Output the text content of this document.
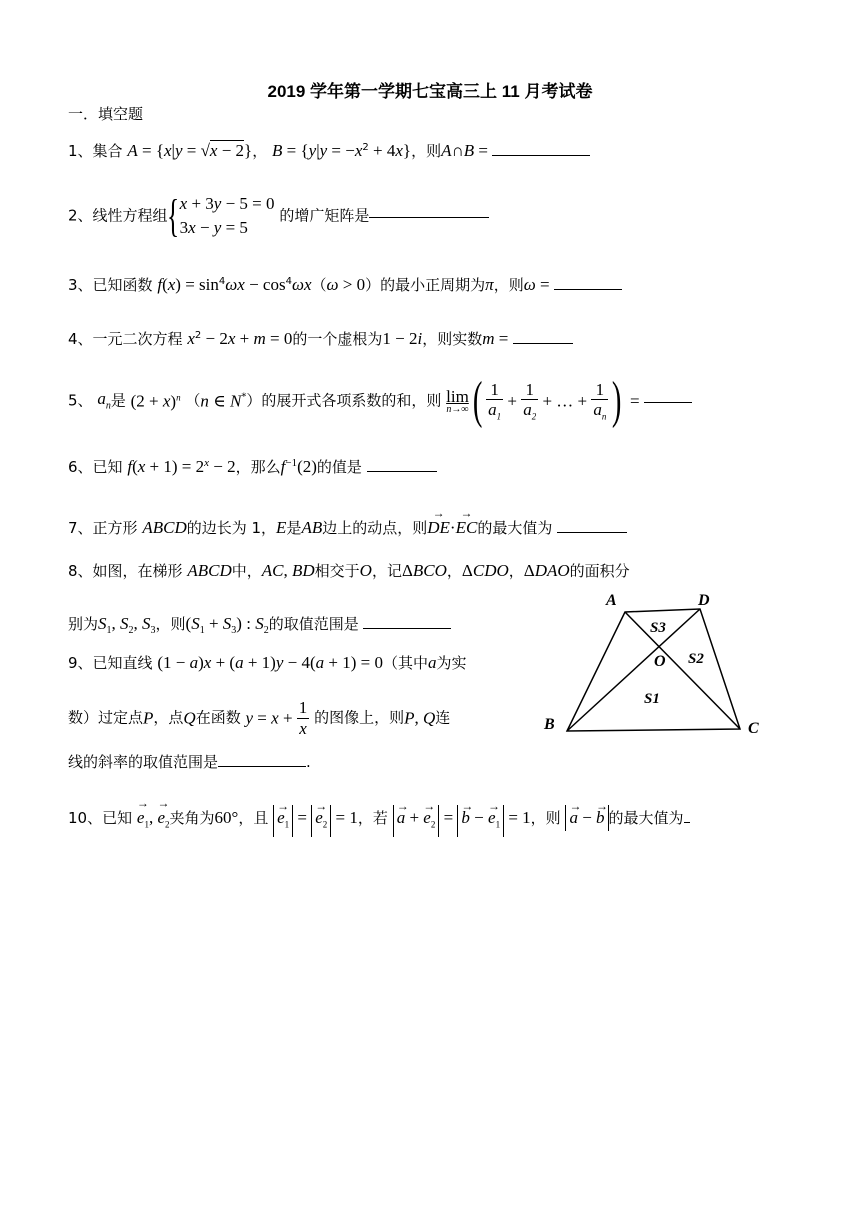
2019 学年第一学期七宝高三上 11 月考试卷
一．填空题
1、集合 A = {x|y = √x − 2}， $B = \{y|y = -x^2 + 4x\}$，则A∩B =
2、线性方程组{x + 3y − 5 = 0
3x − y = 5 的增广矩阵是
3、已知函数 $f(x) = \sin^4\omega x - \cos^4\omega x(\omega > 0)$的最小正周期为π，则ω =
4、一元二次方程 $x^2 - 2x + m = 0$的一个虚根为1 − 2i，则实数m =
5、 $a_n$是 $(2 + x)^n$ （n ∈ N*）的展开式各项系数的和，则 lim
n→∞ ( $\frac{1}{a_1} + \frac{1}{a_2}$ + … + $\frac{1}{a_n}$ ) =
6、已知 $f(x + 1) = 2^x - 2$，那么$f^{-1}(2)$的值是
7、正方形 ABCD的边长为 1，E是AB边上的动点，则→ DE·→ EC的最大值为
8、如图，在梯形 ABCD中，AC, BD相交于O，记ΔBCO，ΔCDO，ΔDAO的面积分
别为$S_1$, $S_2$, $S_3$，则$(S_1 + S_3)$ : $S_2$的取值范围是
9、已知直线 (1 − a)x + (a + 1)y − 4(a + 1) = 0（其中a为实
数）过定点P，点Q在函数 $y = x + \frac{1}{x}$ 的图像上，则P, Q连
线的斜率的取值范围是	.
10、已知 → $e_1$, → $e_2$夹角为60°，且 → $e_1$ = → $e_2 = 1$，若 → a + → $e_2$ = → b − → $e_1 = 1$，则 → a − → b 的最大值为
A	D
B	C
O
S3
S2
S1
